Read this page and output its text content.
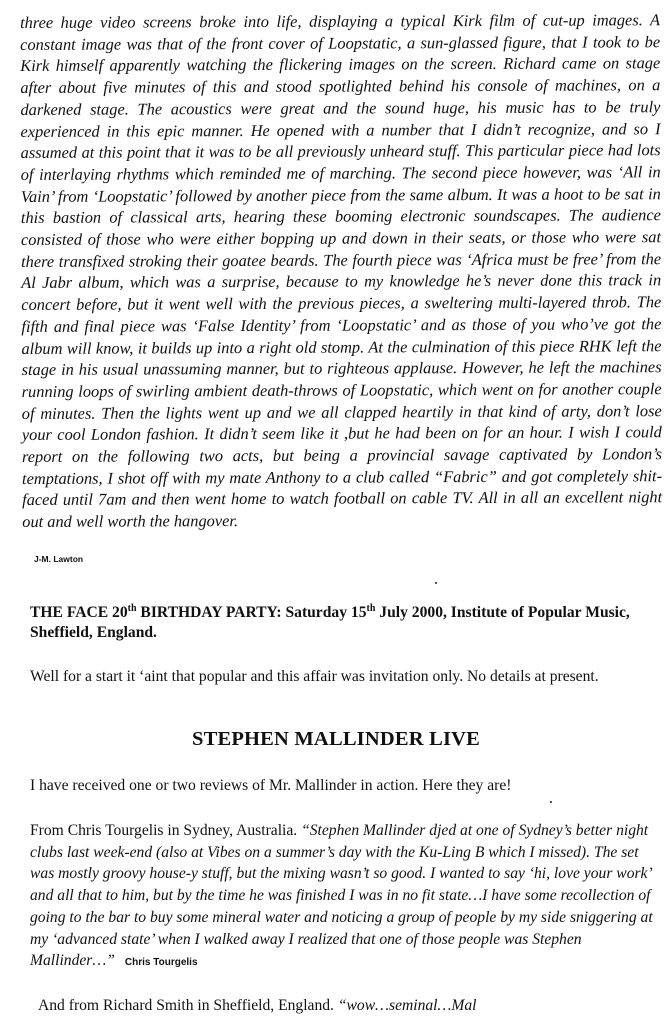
three huge video screens broke into life, displaying a typical Kirk film of cut-up images. A constant image was that of the front cover of Loopstatic, a sun-glassed figure, that I took to be Kirk himself apparently watching the flickering images on the screen. Richard came on stage after about five minutes of this and stood spotlighted behind his console of machines, on a darkened stage. The acoustics were great and the sound huge, his music has to be truly experienced in this epic manner. He opened with a number that I didn’t recognize, and so I assumed at this point that it was to be all previously unheard stuff. This particular piece had lots of interlaying rhythms which reminded me of marching. The second piece however, was ‘All in Vain’ from ‘Loopstatic’ followed by another piece from the same album. It was a hoot to be sat in this bastion of classical arts, hearing these booming electronic soundscapes. The audience consisted of those who were either bopping up and down in their seats, or those who were sat there transfixed stroking their goatee beards. The fourth piece was ‘Africa must be free’ from the Al Jabr album, which was a surprise, because to my knowledge he’s never done this track in concert before, but it went well with the previous pieces, a sweltering multi-layered throb. The fifth and final piece was ‘False Identity’ from ‘Loopstatic’ and as those of you who’ve got the album will know, it builds up into a right old stomp. At the culmination of this piece RHK left the stage in his usual unassuming manner, but to righteous applause. However, he left the machines running loops of swirling ambient death-throws of Loopstatic, which went on for another couple of minutes. Then the lights went up and we all clapped heartily in that kind of arty, don’t lose your cool London fashion. It didn’t seem like it ,but he had been on for an hour. I wish I could report on the following two acts, but being a provincial savage captivated by London’s temptations, I shot off with my mate Anthony to a club called “Fabric” and got completely shit-faced until 7am and then went home to watch football on cable TV. All in all an excellent night out and well worth the hangover.

J-M. Lawton
THE FACE 20th BIRTHDAY PARTY: Saturday 15th July 2000, Institute of Popular Music, Sheffield, England.
Well for a start it ‘aint that popular and this affair was invitation only. No details at present.
STEPHEN MALLINDER LIVE
I have received one or two reviews of Mr. Mallinder in action. Here they are!
From Chris Tourgelis in Sydney, Australia. “Stephen Mallinder djed at one of Sydney’s better night clubs last week-end (also at Vibes on a summer’s day with the Ku-Ling B which I missed). The set was mostly groovy house-y stuff, but the mixing wasn’t so good. I wanted to say ‘hi, love your work’ and all that to him, but by the time he was finished I was in no fit state…I have some recollection of going to the bar to buy some mineral water and noticing a group of people by my side sniggering at my ‘advanced state’ when I walked away I realized that one of those people was Stephen Mallinder…” Chris Tourgelis
And from Richard Smith in Sheffield, England. “wow…seminal…Mal
